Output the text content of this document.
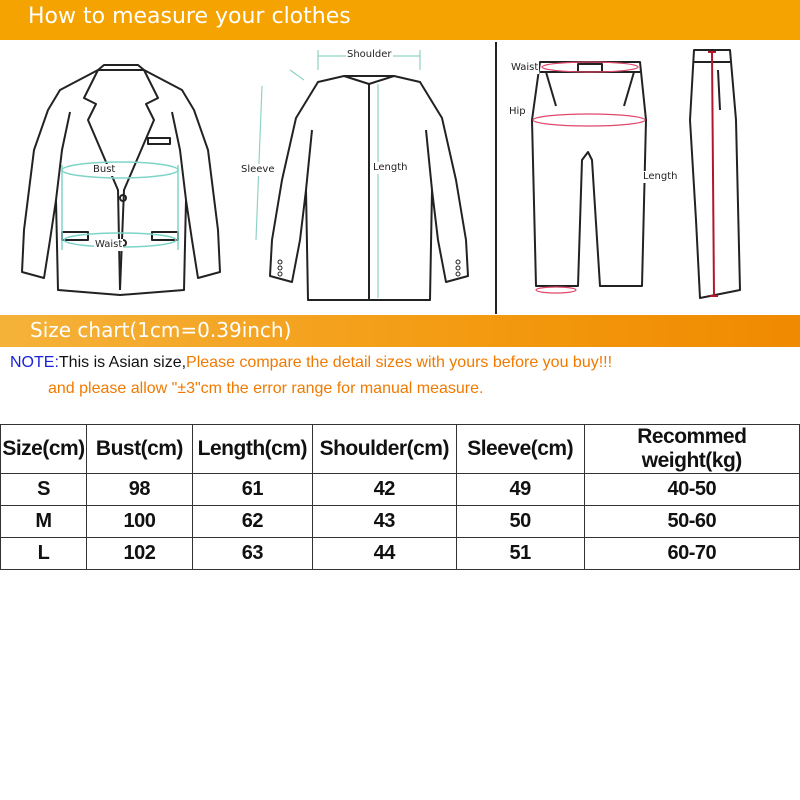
How to measure your clothes
Bust
Waist
Shoulder
Sleeve	Length
Waist
Hip
Length
Size chart(1cm=0.39inch)
NOTE:This is Asian size,Please compare the detail sizes with yours before you buy!!!
and please allow "±3"cm the error range for manual measure.
Size(cm)	Bust(cm)	Length(cm)	Shoulder(cm)	Sleeve(cm)	Recommed weight(kg)
S	98	61	42	49	40-50
M	100	62	43	50	50-60
L	102	63	44	51	60-70
